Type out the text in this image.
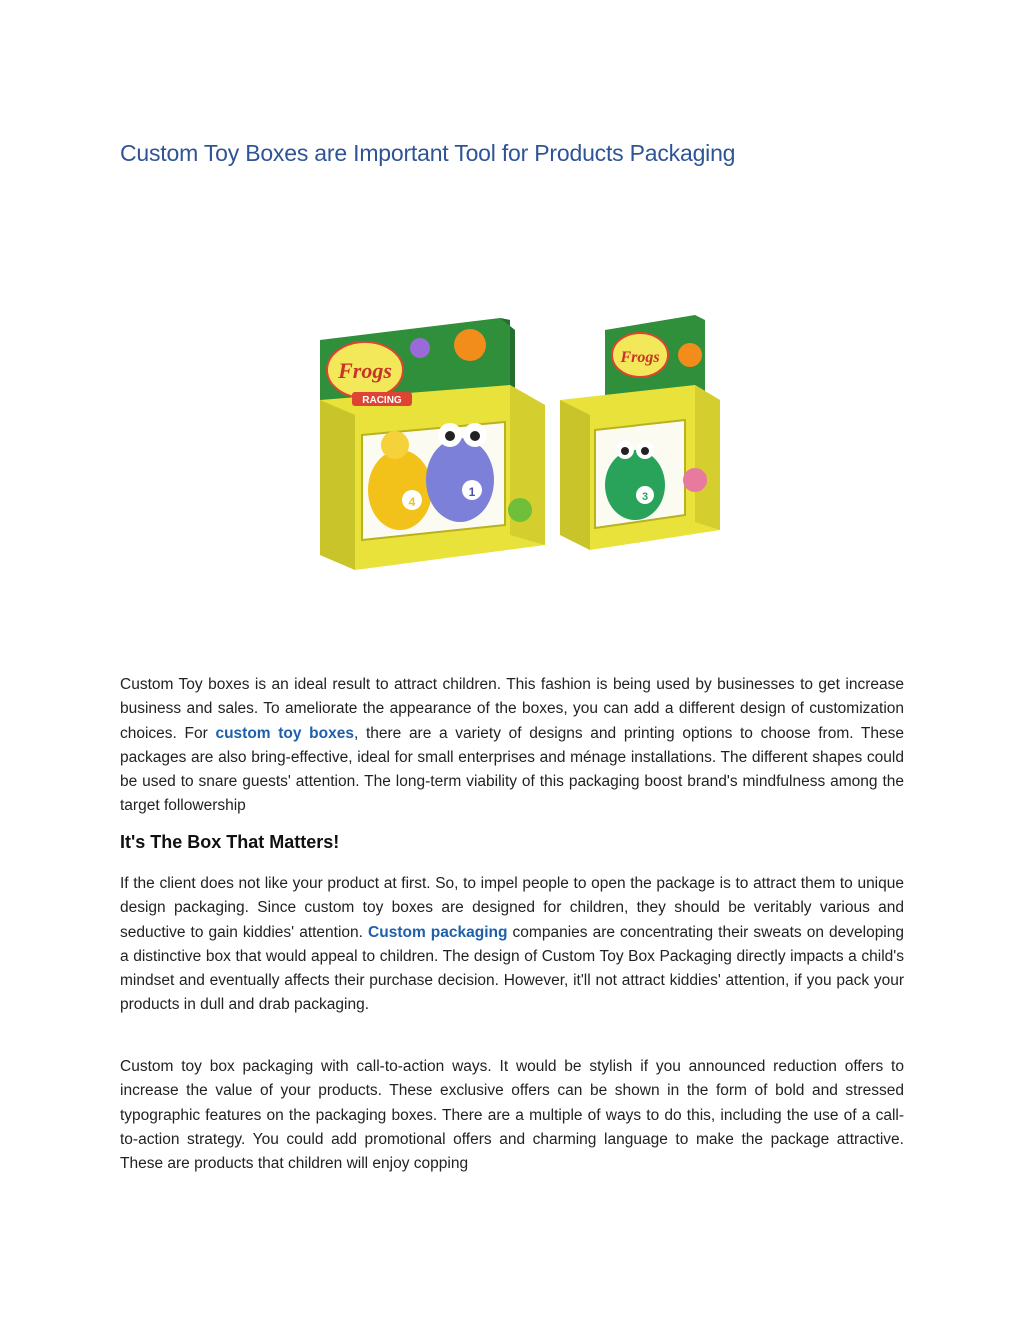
Custom Toy Boxes are Important Tool for Products Packaging
Frogs
RACING
4
1
Frogs
3

Custom Toy boxes is an ideal result to attract children. This fashion is being used by businesses to get increase business and sales. To ameliorate the appearance of the boxes, you can add a different design of customization choices. For custom toy boxes, there are a variety of designs and printing options to choose from. These packages are also bring-effective, ideal for small enterprises and ménage installations. The different shapes could be used to snare guests' attention. The long-term viability of this packaging boost brand's mindfulness among the target followership

It's The Box That Matters!

If the client does not like your product at first. So, to impel people to open the package is to attract them to unique design packaging. Since custom toy boxes are designed for children, they should be veritably various and seductive to gain kiddies' attention. Custom packaging companies are concentrating their sweats on developing a distinctive box that would appeal to children. The design of Custom Toy Box Packaging directly impacts a child's mindset and eventually affects their purchase decision. However, it'll not attract kiddies' attention, if you pack your products in dull and drab packaging.

Custom toy box packaging with call-to-action ways. It would be stylish if you announced reduction offers to increase the value of your products. These exclusive offers can be shown in the form of bold and stressed typographic features on the packaging boxes. There are a multiple of ways to do this, including the use of a call-to-action strategy. You could add promotional offers and charming language to make the package attractive. These are products that children will enjoy copping
